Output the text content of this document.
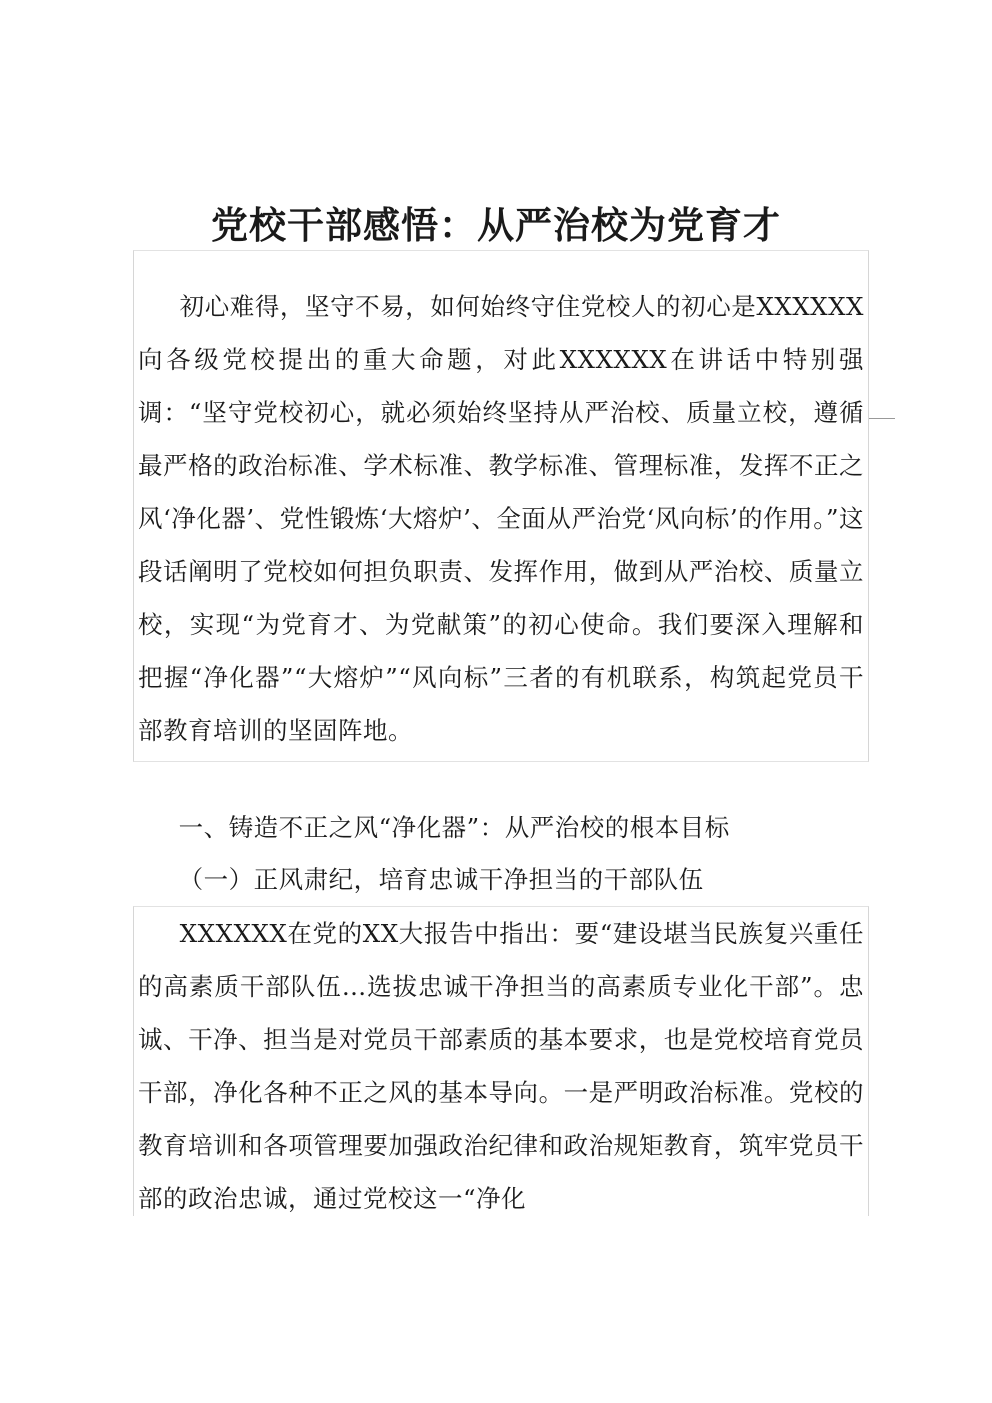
党校干部感悟：从严治校为党育才

初心难得，坚守不易，如何始终守住党校人的初心是XXXXXX向各级党校提出的重大命题，对此XXXXXX在讲话中特别强调：“坚守党校初心，就必须始终坚持从严治校、质量立校，遵循最严格的政治标准、学术标准、教学标准、管理标准，发挥不正之风‘净化器’、党性锻炼‘大熔炉’、全面从严治党‘风向标’的作用。”这段话阐明了党校如何担负职责、发挥作用，做到从严治校、质量立校，实现“为党育才、为党献策”的初心使命。我们要深入理解和把握“净化器”“大熔炉”“风向标”三者的有机联系，构筑起党员干部教育培训的坚固阵地。

一、铸造不正之风“净化器”：从严治校的根本目标

（一）正风肃纪，培育忠诚干净担当的干部队伍

XXXXXX在党的XX大报告中指出：要“建设堪当民族复兴重任的高素质干部队伍…选拔忠诚干净担当的高素质专业化干部”。忠诚、干净、担当是对党员干部素质的基本要求，也是党校培育党员干部，净化各种不正之风的基本导向。一是严明政治标准。党校的教育培训和各项管理要加强政治纪律和政治规矩教育，筑牢党员干部的政治忠诚，通过党校这一“净化
